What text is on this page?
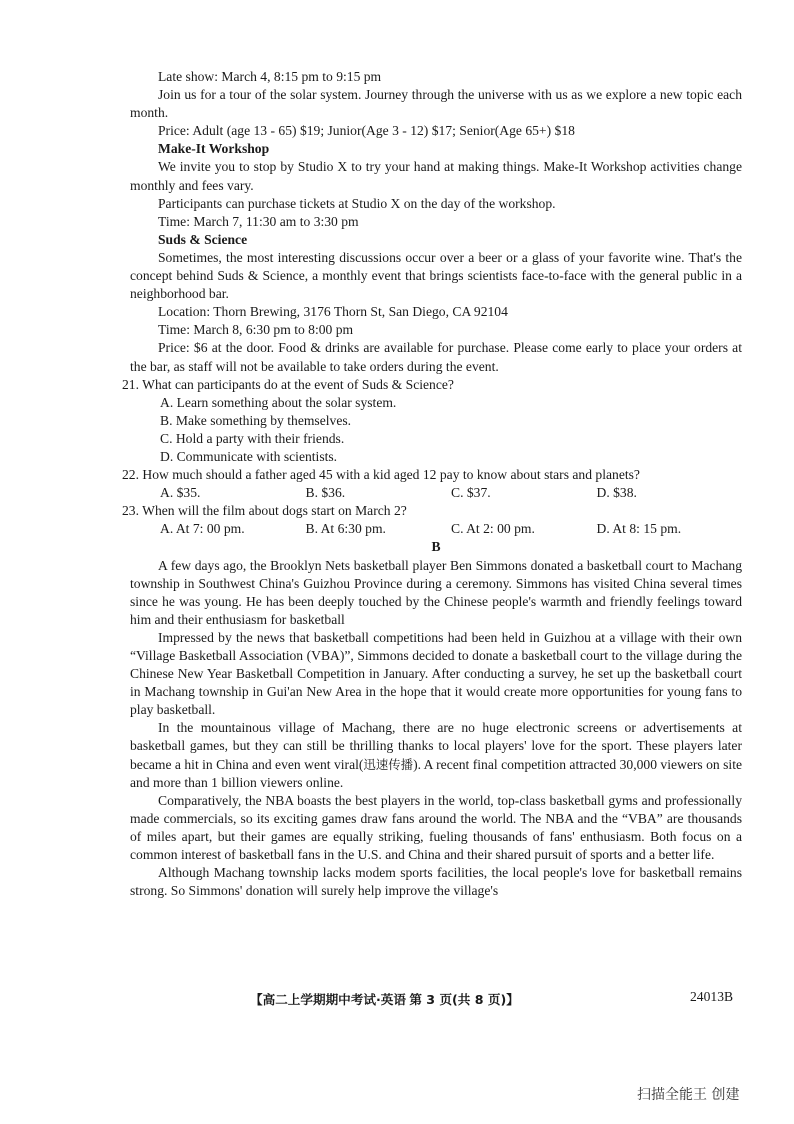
Late show: March 4, 8:15 pm to 9:15 pm

Join us for a tour of the solar system. Journey through the universe with us as we explore a new topic each month.

Price: Adult (age 13 - 65) $19; Junior(Age 3 - 12) $17; Senior(Age 65+) $18

Make-It Workshop

We invite you to stop by Studio X to try your hand at making things. Make-It Workshop activities change monthly and fees vary.

Participants can purchase tickets at Studio X on the day of the workshop.

Time: March 7, 11:30 am to 3:30 pm

Suds & Science

Sometimes, the most interesting discussions occur over a beer or a glass of your favorite wine. That's the concept behind Suds & Science, a monthly event that brings scientists face-to-face with the general public in a neighborhood bar.

Location: Thorn Brewing, 3176 Thorn St, San Diego, CA 92104

Time: March 8, 6:30 pm to 8:00 pm

Price: $6 at the door. Food & drinks are available for purchase. Please come early to place your orders at the bar, as staff will not be available to take orders during the event.

21. What can participants do at the event of Suds & Science?

A. Learn something about the solar system.

B. Make something by themselves.

C. Hold a party with their friends.

D. Communicate with scientists.

22. How much should a father aged 45 with a kid aged 12 pay to know about stars and planets?

A. $35.	B. $36.	C. $37.	D. $38.

23. When will the film about dogs start on March 2?

A. At 7: 00 pm.	B. At 6:30 pm.	C. At 2: 00 pm.	D. At 8: 15 pm.

B

A few days ago, the Brooklyn Nets basketball player Ben Simmons donated a basketball court to Machang township in Southwest China's Guizhou Province during a ceremony. Simmons has visited China several times since he was young. He has been deeply touched by the Chinese people's warmth and friendly feelings toward him and their enthusiasm for basketball

Impressed by the news that basketball competitions had been held in Guizhou at a village with their own “Village Basketball Association (VBA)”, Simmons decided to donate a basketball court to the village during the Chinese New Year Basketball Competition in January. After conducting a survey, he set up the basketball court in Machang township in Gui'an New Area in the hope that it would create more opportunities for young fans to play basketball.

In the mountainous village of Machang, there are no huge electronic screens or advertisements at basketball games, but they can still be thrilling thanks to local players' love for the sport. These players later became a hit in China and even went viral(迅速传播). A recent final competition attracted 30,000 viewers on site and more than 1 billion viewers online.

Comparatively, the NBA boasts the best players in the world, top-class basketball gyms and professionally made commercials, so its exciting games draw fans around the world. The NBA and the “VBA” are thousands of miles apart, but their games are equally striking, fueling thousands of fans' enthusiasm. Both focus on a common interest of basketball fans in the U.S. and China and their shared pursuit of sports and a better life.

Although Machang township lacks modem sports facilities, the local people's love for basketball remains strong. So Simmons' donation will surely help improve the village's

【高二上学期期中考试·英语 第 3 页(共 8 页)】	24013B
扫描全能王 创建
